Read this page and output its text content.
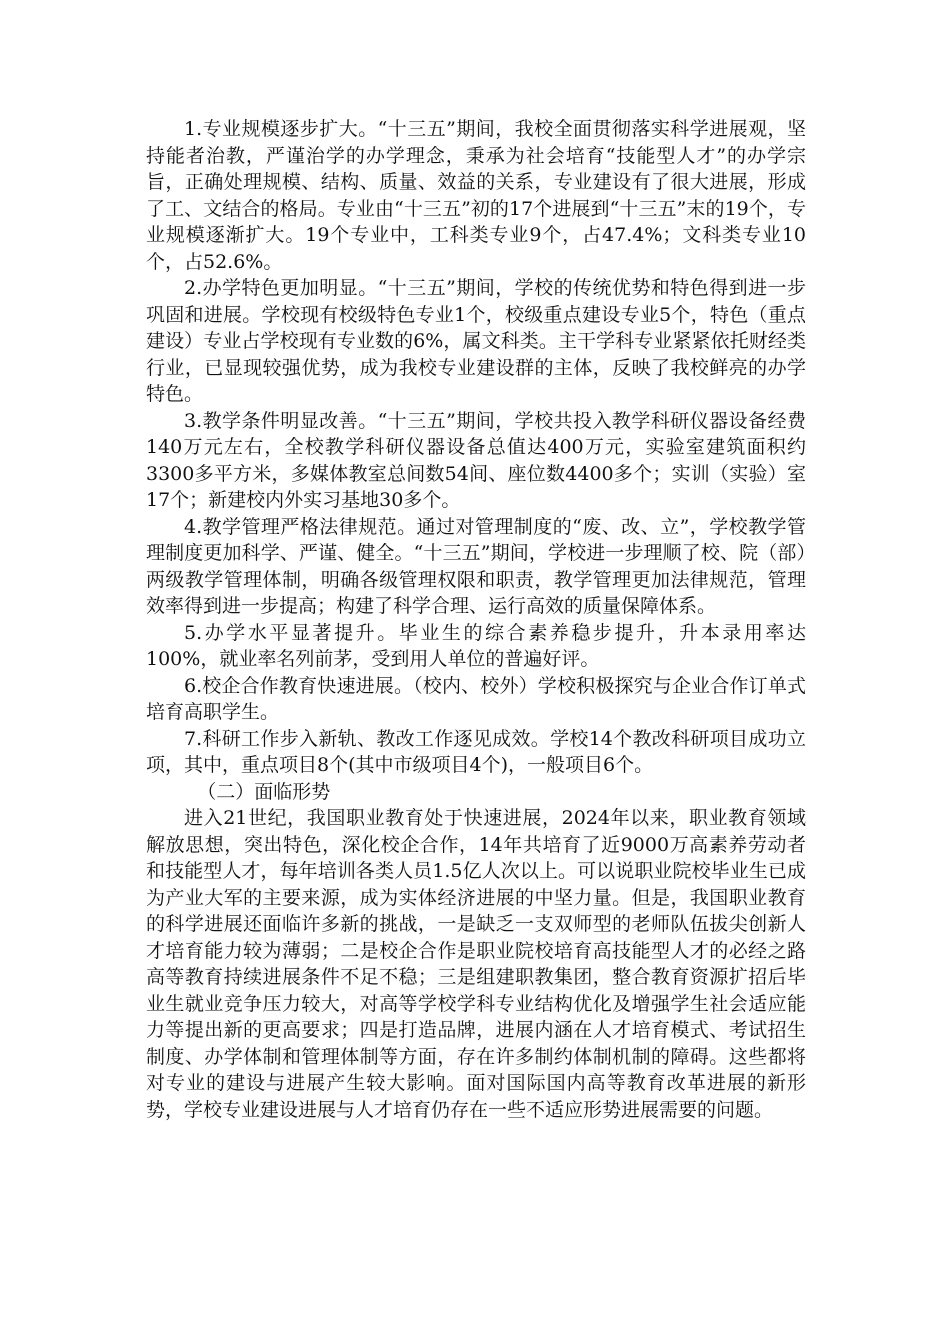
1.专业规模逐步扩大。“十三五”期间，我校全面贯彻落实科学进展观，坚持能者治教，严谨治学的办学理念，秉承为社会培育“技能型人才”的办学宗旨，正确处理规模、结构、质量、效益的关系，专业建设有了很大进展，形成了工、文结合的格局。专业由“十三五”初的17个进展到“十三五”末的19个，专业规模逐渐扩大。19个专业中，工科类专业9个，占47.4%；文科类专业10个，占52.6%。

2.办学特色更加明显。“十三五”期间，学校的传统优势和特色得到进一步巩固和进展。学校现有校级特色专业1个，校级重点建设专业5个，特色（重点建设）专业占学校现有专业数的6%，属文科类。主干学科专业紧紧依托财经类行业，已显现较强优势，成为我校专业建设群的主体，反映了我校鲜亮的办学特色。

3.教学条件明显改善。“十三五”期间，学校共投入教学科研仪器设备经费140万元左右，全校教学科研仪器设备总值达400万元，实验室建筑面积约3300多平方米，多媒体教室总间数54间、座位数4400多个；实训（实验）室17个；新建校内外实习基地30多个。

4.教学管理严格法律规范。通过对管理制度的“废、改、立”，学校教学管理制度更加科学、严谨、健全。“十三五”期间，学校进一步理顺了校、院（部）两级教学管理体制，明确各级管理权限和职责，教学管理更加法律规范，管理效率得到进一步提高；构建了科学合理、运行高效的质量保障体系。

5.办学水平显著提升。毕业生的综合素养稳步提升，升本录用率达100%，就业率名列前茅，受到用人单位的普遍好评。

6.校企合作教育快速进展。（校内、校外）学校积极探究与企业合作订单式培育高职学生。

7.科研工作步入新轨、教改工作逐见成效。学校14个教改科研项目成功立项，其中，重点项目8个(其中市级项目4个)，一般项目6个。

（二）面临形势

进入21世纪，我国职业教育处于快速进展，2024年以来，职业教育领域解放思想，突出特色，深化校企合作，14年共培育了近9000万高素养劳动者和技能型人才，每年培训各类人员1.5亿人次以上。可以说职业院校毕业生已成为产业大军的主要来源，成为实体经济进展的中坚力量。但是，我国职业教育的科学进展还面临许多新的挑战，一是缺乏一支双师型的老师队伍拔尖创新人才培育能力较为薄弱；二是校企合作是职业院校培育高技能型人才的必经之路高等教育持续进展条件不足不稳；三是组建职教集团，整合教育资源扩招后毕业生就业竞争压力较大，对高等学校学科专业结构优化及增强学生社会适应能力等提出新的更高要求；四是打造品牌，进展内涵在人才培育模式、考试招生制度、办学体制和管理体制等方面，存在许多制约体制机制的障碍。这些都将对专业的建设与进展产生较大影响。面对国际国内高等教育改革进展的新形势，学校专业建设进展与人才培育仍存在一些不适应形势进展需要的问题。
